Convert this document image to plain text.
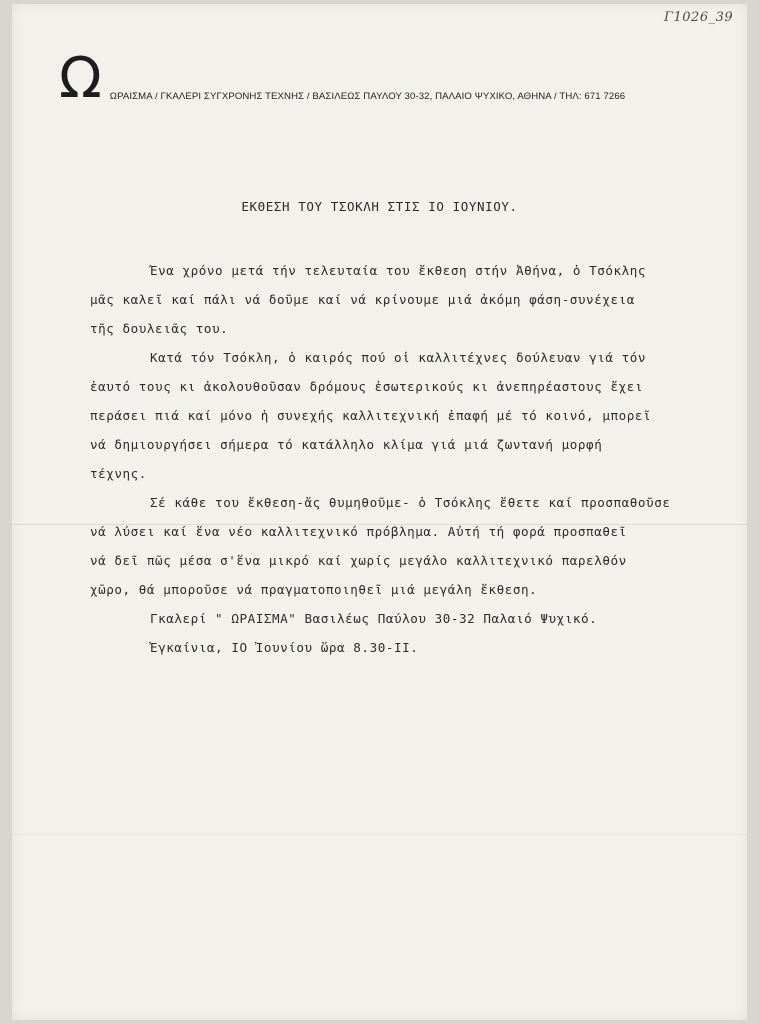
Γ1026_39
Ω ΩΡΑΙΣΜΑ / ΓΚΑΛΕΡΙ ΣΥΓΧΡΟΝΗΣ ΤΕΧΝΗΣ / ΒΑΣΙΛΕΩΣ ΠΑΥΛΟΥ 30-32, ΠΑΛΑΙΟ ΨΥΧΙΚΟ, ΑΘΗΝΑ / ΤΗΛ: 671 7266
ΕΚΘΕΣΗ ΤΟΥ ΤΣΟΚΛΗ ΣΤΙΣ ΙΟ ΙΟΥΝΙΟΥ.

Ένα χρόνο μετά τήν τελευταία του ἔκθεση στήν Ἀθήνα, ὁ Τσόκλης
μᾶς καλεῖ καί πάλι νά δοῦμε καί νά κρίνουμε μιά ἀκόμη φάση-συνέχεια
τῆς δουλειᾶς του.

Κατά τόν Τσόκλη, ὁ καιρός πού οἱ καλλιτέχνες δούλευαν γιά τόν
ἑαυτό τους κι ἀκολουθοῦσαν δρόμους ἐσωτερικούς κι ἀνεπηρέαστους ἔχει
περάσει πιά καί μόνο ἡ συνεχής καλλιτεχνική ἐπαφή μέ τό κοινό, μπορεῖ
νά δημιουργήσει σήμερα τό κατάλληλο κλίμα γιά μιά ζωντανή μορφή
τέχνης.

Σέ κάθε του ἔκθεση-ἄς θυμηθοῦμε- ὁ Τσόκλης ἔθετε καί προσπαθοῦσε
νά λύσει καί ἕνα νέο καλλιτεχνικό πρόβλημα. Αὐτή τή φορά προσπαθεῖ
νά δεῖ πῶς μέσα σ'ἕνα μικρό καί χωρίς μεγάλο καλλιτεχνικό παρελθόν
χῶρο, θά μποροῦσε νά πραγματοποιηθεῖ μιά μεγάλη ἔκθεση.

Γκαλερί " ΩΡΑΙΣΜΑ" Βασιλέως Παύλου 30-32 Παλαιό Ψυχικό.

Ἐγκαίνια, ΙΟ Ἰουνίου ὥρα 8.30-ΙΙ.
